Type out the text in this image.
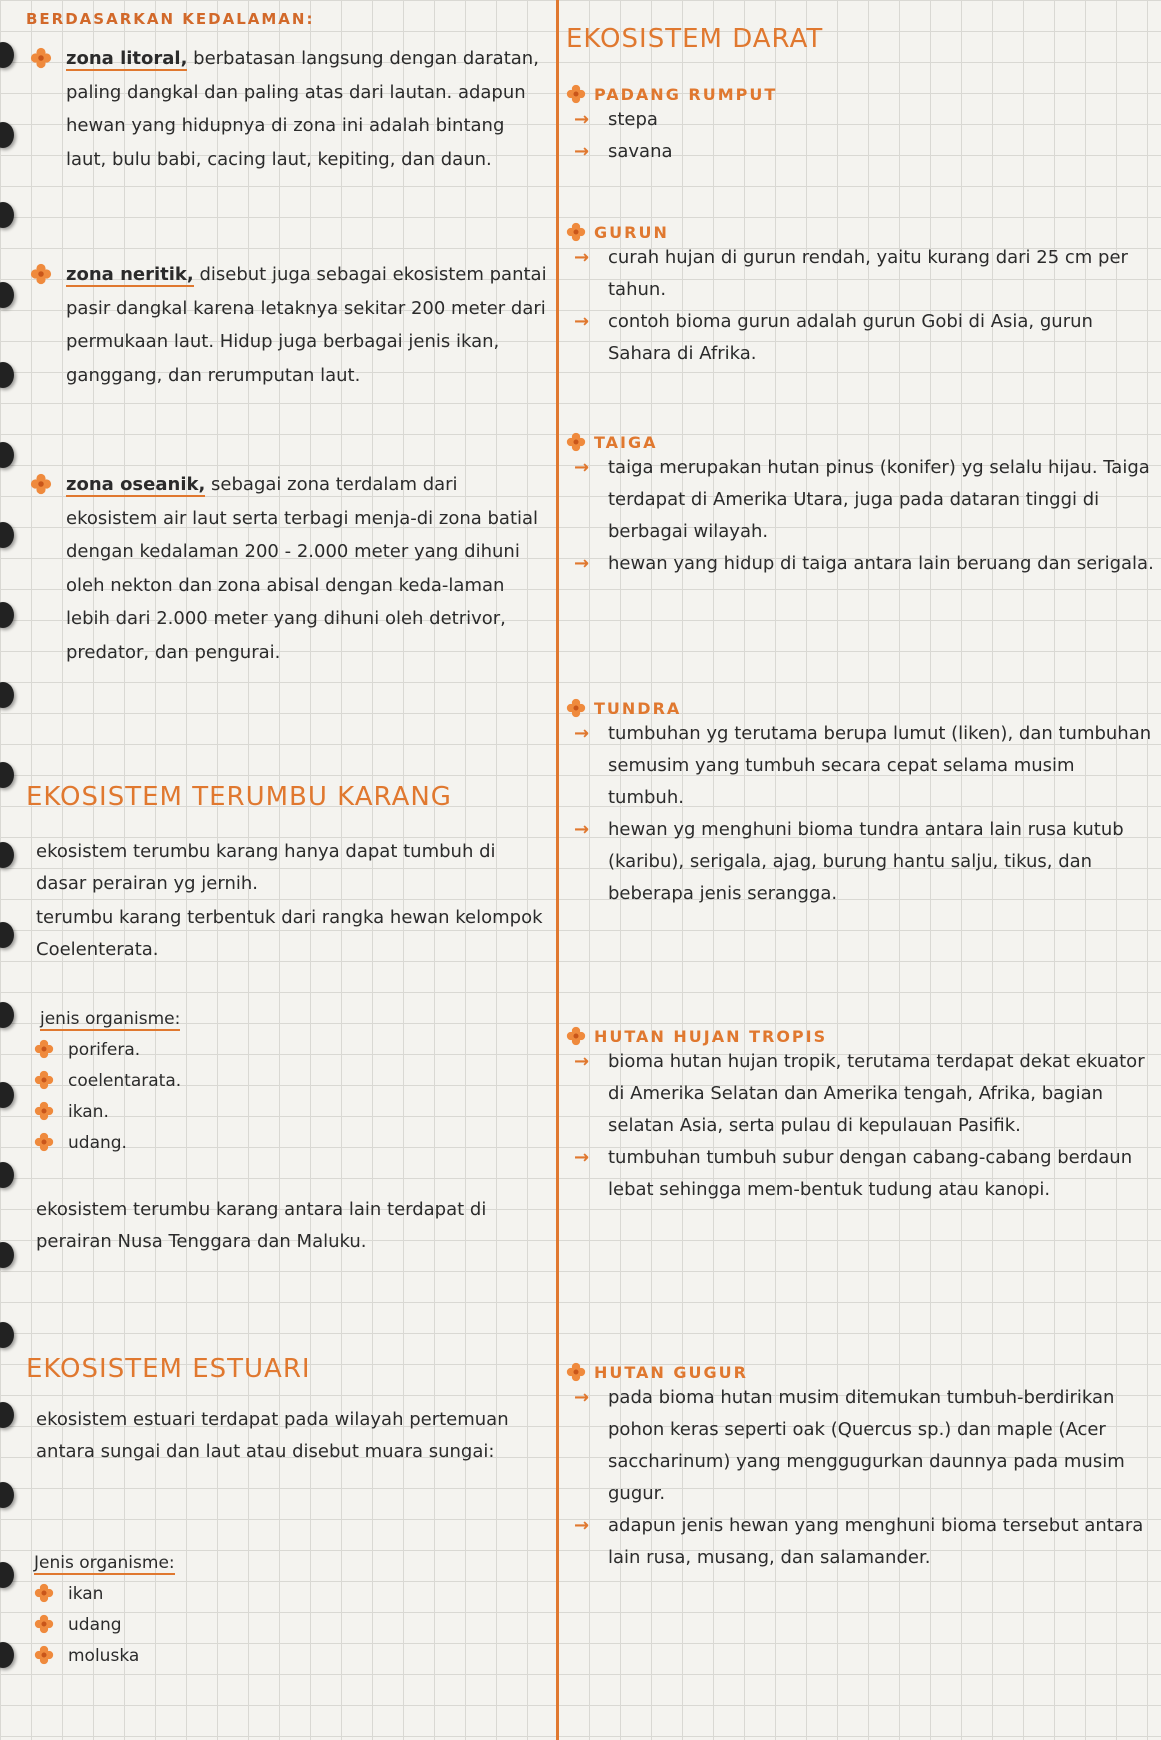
BERDASARKAN KEDALAMAN:
zona litoral, berbatasan langsung dengan daratan, paling dangkal dan paling atas dari lautan. adapun hewan yang hidupnya di zona ini adalah bintang laut, bulu babi, cacing laut, kepiting, dan daun.
zona neritik, disebut juga sebagai ekosistem pantai pasir dangkal karena letaknya sekitar 200 meter dari permukaan laut. Hidup juga berbagai jenis ikan, ganggang, dan rerumputan laut.
zona oseanik, sebagai zona terdalam dari ekosistem air laut serta terbagi menja-di zona batial dengan kedalaman 200 - 2.000 meter yang dihuni oleh nekton dan zona abisal dengan keda-laman lebih dari 2.000 meter yang dihuni oleh detrivor, predator, dan pengurai.
EKOSISTEM TERUMBU KARANG
ekosistem terumbu karang hanya dapat tumbuh di dasar perairan yg jernih.
terumbu karang terbentuk dari rangka hewan kelompok Coelenterata.
jenis organisme:
porifera.
coelentarata.
ikan.
udang.
ekosistem terumbu karang antara lain terdapat di perairan Nusa Tenggara dan Maluku.
EKOSISTEM ESTUARI
ekosistem estuari terdapat pada wilayah pertemuan antara sungai dan laut atau disebut muara sungai:
Jenis organisme:
ikan
udang
moluska
EKOSISTEM DARAT
PADANG RUMPUT
→ stepa
→ savana
GURUN
→ curah hujan di gurun rendah, yaitu kurang dari 25 cm per tahun.
→ contoh bioma gurun adalah gurun Gobi di Asia, gurun Sahara di Afrika.
TAIGA
→ taiga merupakan hutan pinus (konifer) yg selalu hijau. Taiga terdapat di Amerika Utara, juga pada dataran tinggi di berbagai wilayah.
→ hewan yang hidup di taiga antara lain beruang dan serigala.
TUNDRA
→ tumbuhan yg terutama berupa lumut (liken), dan tumbuhan semusim yang tumbuh secara cepat selama musim tumbuh.
→ hewan yg menghuni bioma tundra antara lain rusa kutub (karibu), serigala, ajag, burung hantu salju, tikus, dan beberapa jenis serangga.
HUTAN HUJAN TROPIS
→ bioma hutan hujan tropik, terutama terdapat dekat ekuator di Amerika Selatan dan Amerika tengah, Afrika, bagian selatan Asia, serta pulau di kepulauan Pasifik.
→ tumbuhan tumbuh subur dengan cabang-cabang berdaun lebat sehingga mem-bentuk tudung atau kanopi.
HUTAN GUGUR
→ pada bioma hutan musim ditemukan tumbuh-berdirikan pohon keras seperti oak (Quercus sp.) dan maple (Acer saccharinum) yang menggugurkan daunnya pada musim gugur.
→ adapun jenis hewan yang menghuni bioma tersebut antara lain rusa, musang, dan salamander.
